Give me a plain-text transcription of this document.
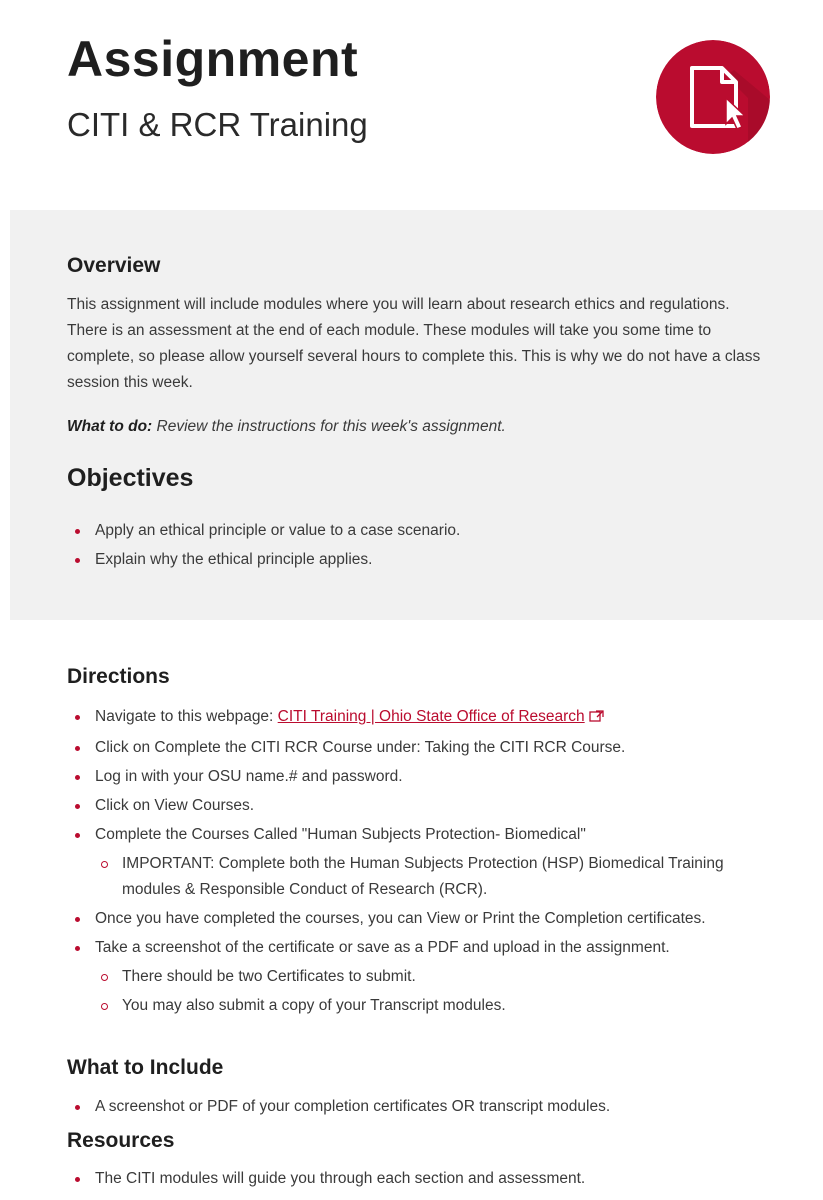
Assignment
CITI & RCR Training
Overview

This assignment will include modules where you will learn about research ethics and regulations. There is an assessment at the end of each module. These modules will take you some time to complete, so please allow yourself several hours to complete this. This is why we do not have a class session this week.

What to do: Review the instructions for this week's assignment.

Objectives
Apply an ethical principle or value to a case scenario.
Explain why the ethical principle applies.
Directions
Navigate to this webpage: CITI Training | Ohio State Office of Research
Click on Complete the CITI RCR Course under: Taking the CITI RCR Course.
Log in with your OSU name.# and password.
Click on View Courses.
Complete the Courses Called "Human Subjects Protection- Biomedical"
IMPORTANT: Complete both the Human Subjects Protection (HSP) Biomedical Training modules & Responsible Conduct of Research (RCR).
Once you have completed the courses, you can View or Print the Completion certificates.
Take a screenshot of the certificate or save as a PDF and upload in the assignment.
There should be two Certificates to submit.
You may also submit a copy of your Transcript modules.
What to Include
A screenshot or PDF of your completion certificates OR transcript modules.
Resources
The CITI modules will guide you through each section and assessment.
